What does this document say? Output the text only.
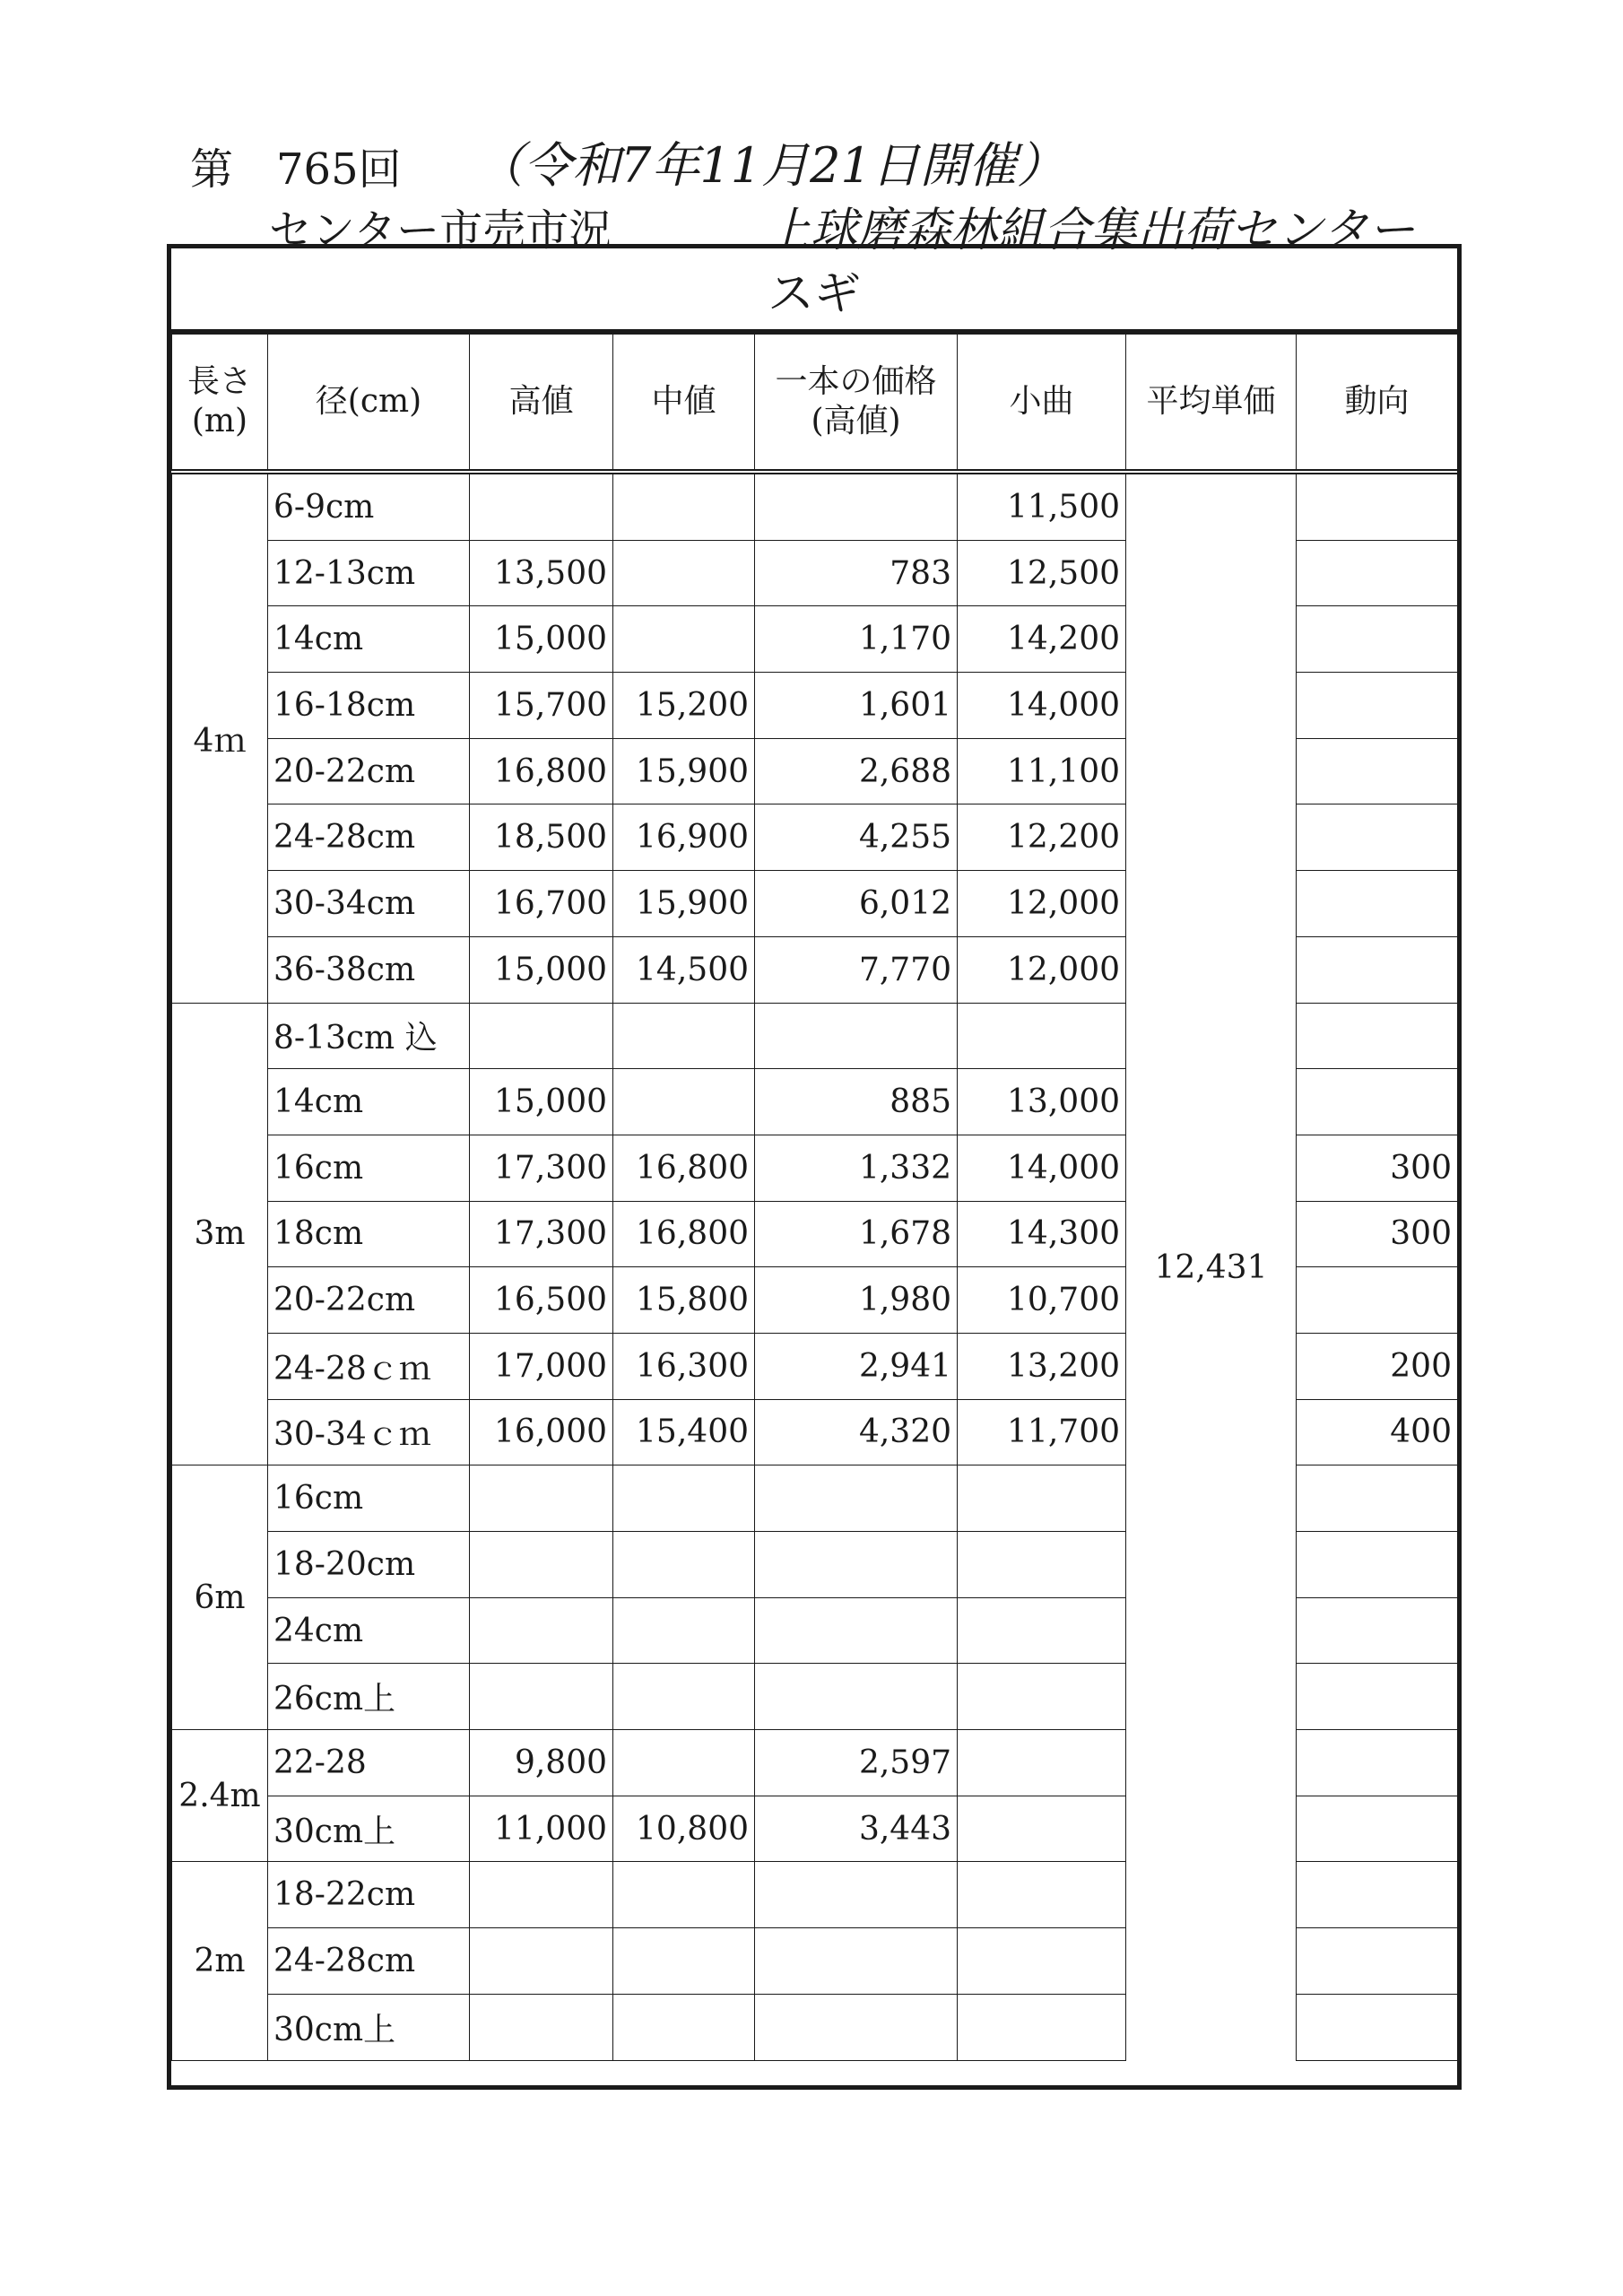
第　765回 （令和7年11月21日開催）
センター市売市況	上球磨森林組合集出荷センター
スギ
長さ
(m)	径(cm)	高値	中値	一本の価格
(高値)	小曲	平均単価	動向
4ｍ	6-9cm				11,500	12,431	
	12-13cm	13,500		783	12,500		
	14cm	15,000		1,170	14,200		
	16-18cm	15,700	15,200	1,601	14,000		
	20-22cm	16,800	15,900	2,688	11,100		
	24-28cm	18,500	16,900	4,255	12,200		
	30-34cm	16,700	15,900	6,012	12,000		
	36-38cm	15,000	14,500	7,770	12,000		
3m	8-13cm 込						
	14cm	15,000		885	13,000		
	16cm	17,300	16,800	1,332	14,000		300
	18cm	17,300	16,800	1,678	14,300		300
	20-22cm	16,500	15,800	1,980	10,700		
	24-28ｃｍ	17,000	16,300	2,941	13,200		200
	30-34ｃｍ	16,000	15,400	4,320	11,700		400
6m	16cm						
	18-20cm						
	24cm						
	26cm上						
2.4m	22-28	9,800		2,597			
	30cm上	11,000	10,800	3,443			
2m	18-22cm						
	24-28cm						
	30cm上						
